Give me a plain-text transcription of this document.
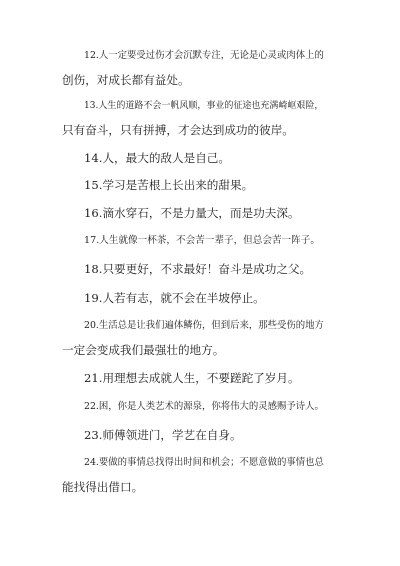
12.人一定要受过伤才会沉默专注，无论是心灵或肉体上的
创伤，对成长都有益处。
13.人生的道路不会一帆风顺，事业的征途也充满崎岖艰险，
只有奋斗，只有拼搏，才会达到成功的彼岸。
14.人，最大的敌人是自己。
15.学习是苦根上长出来的甜果。
16.滴水穿石，不是力量大，而是功夫深。
17.人生就像一杯茶，不会苦一辈子，但总会苦一阵子。
18.只要更好，不求最好！奋斗是成功之父。
19.人若有志，就不会在半坡停止。
20.生活总是让我们遍体鳞伤，但到后来，那些受伤的地方
一定会变成我们最强壮的地方。
21.用理想去成就人生，不要蹉跎了岁月。
22.困，你是人类艺术的源泉，你将伟大的灵感赐予诗人。
23.师傅领进门，学艺在自身。
24.要做的事情总找得出时间和机会；不愿意做的事情也总
能找得出借口。
